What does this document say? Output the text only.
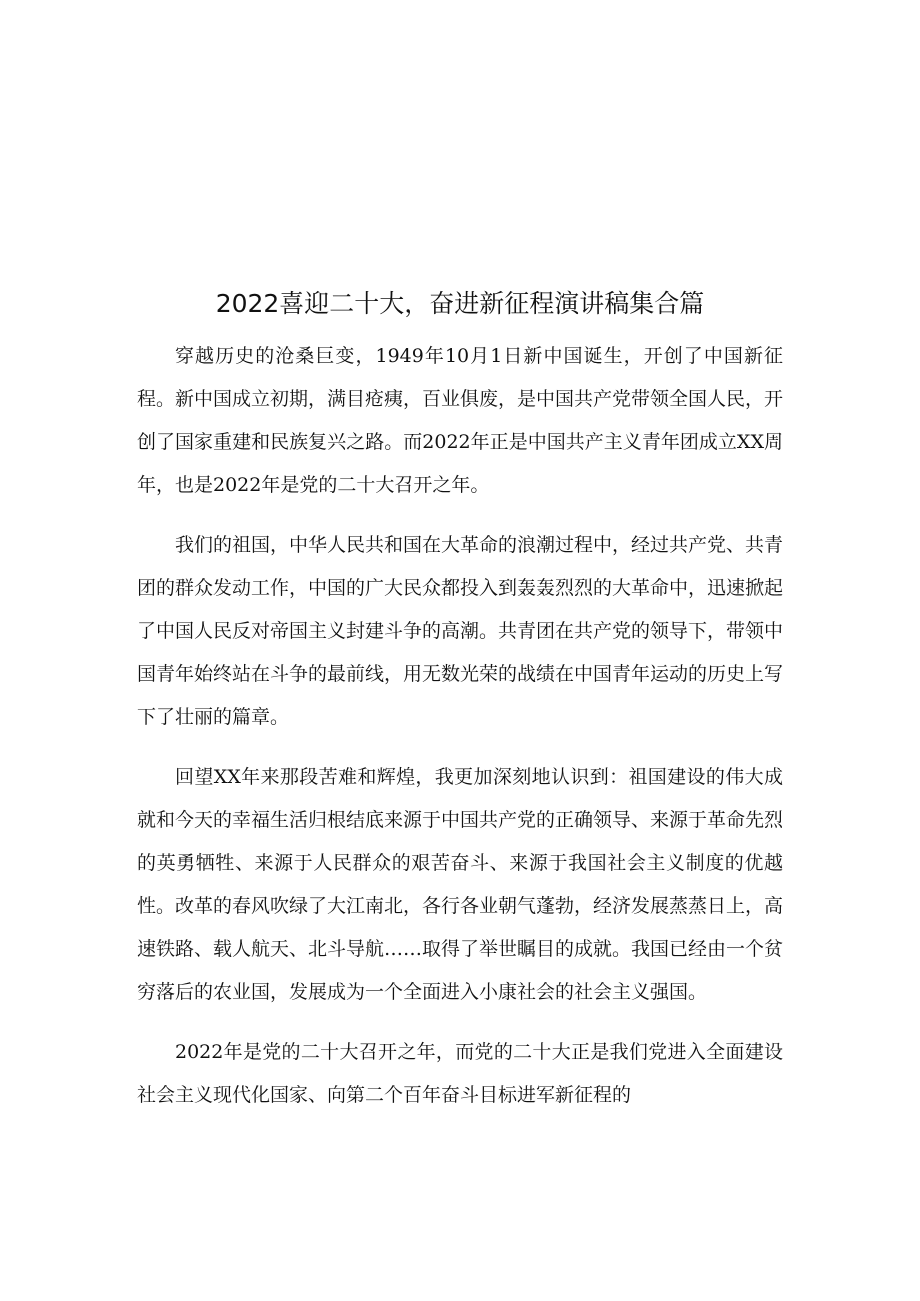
2022喜迎二十大，奋进新征程演讲稿集合篇

穿越历史的沧桑巨变，1949年10月1日新中国诞生，开创了中国新征程。新中国成立初期，满目疮痍，百业俱废，是中国共产党带领全国人民，开创了国家重建和民族复兴之路。而2022年正是中国共产主义青年团成立XX周年，也是2022年是党的二十大召开之年。

我们的祖国，中华人民共和国在大革命的浪潮过程中，经过共产党、共青团的群众发动工作，中国的广大民众都投入到轰轰烈烈的大革命中，迅速掀起了中国人民反对帝国主义封建斗争的高潮。共青团在共产党的领导下，带领中国青年始终站在斗争的最前线，用无数光荣的战绩在中国青年运动的历史上写下了壮丽的篇章。

回望XX年来那段苦难和辉煌，我更加深刻地认识到：祖国建设的伟大成就和今天的幸福生活归根结底来源于中国共产党的正确领导、来源于革命先烈的英勇牺牲、来源于人民群众的艰苦奋斗、来源于我国社会主义制度的优越性。改革的春风吹绿了大江南北，各行各业朝气蓬勃，经济发展蒸蒸日上，高速铁路、载人航天、北斗导航……取得了举世瞩目的成就。我国已经由一个贫穷落后的农业国，发展成为一个全面进入小康社会的社会主义强国。

2022年是党的二十大召开之年，而党的二十大正是我们党进入全面建设社会主义现代化国家、向第二个百年奋斗目标进军新征程的
